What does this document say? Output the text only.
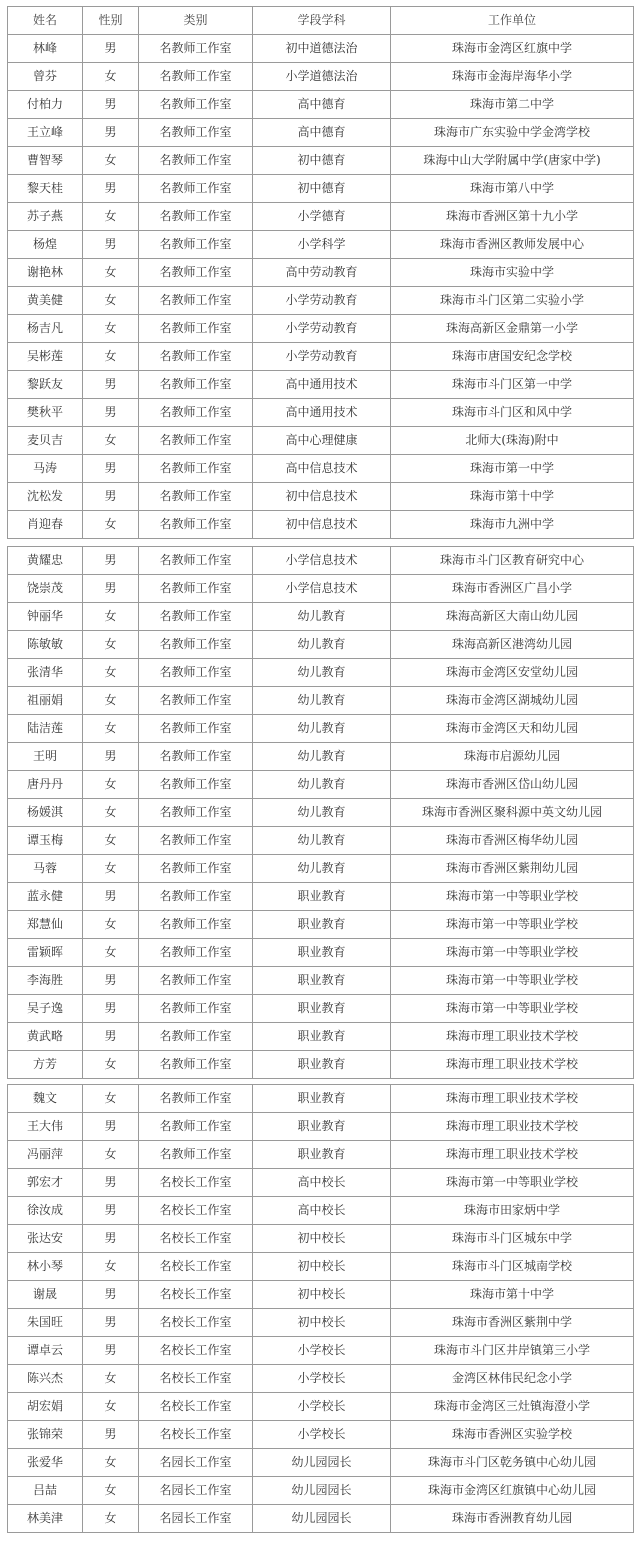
姓名	性别	类别	学段学科	工作单位
林峰	男	名教师工作室	初中道德法治	珠海市金湾区红旗中学
曾芬	女	名教师工作室	小学道德法治	珠海市金海岸海华小学
付柏力	男	名教师工作室	高中德育	珠海市第二中学
王立峰	男	名教师工作室	高中德育	珠海市广东实验中学金湾学校
曹智琴	女	名教师工作室	初中德育	珠海中山大学附属中学(唐家中学)
黎天桂	男	名教师工作室	初中德育	珠海市第八中学
苏子燕	女	名教师工作室	小学德育	珠海市香洲区第十九小学
杨煌	男	名教师工作室	小学科学	珠海市香洲区教师发展中心
谢艳林	女	名教师工作室	高中劳动教育	珠海市实验中学
黄美健	女	名教师工作室	小学劳动教育	珠海市斗门区第二实验小学
杨吉凡	女	名教师工作室	小学劳动教育	珠海高新区金鼎第一小学
吴彬莲	女	名教师工作室	小学劳动教育	珠海市唐国安纪念学校
黎跃友	男	名教师工作室	高中通用技术	珠海市斗门区第一中学
樊秋平	男	名教师工作室	高中通用技术	珠海市斗门区和风中学
麦贝吉	女	名教师工作室	高中心理健康	北师大(珠海)附中
马涛	男	名教师工作室	高中信息技术	珠海市第一中学
沈松发	男	名教师工作室	初中信息技术	珠海市第十中学
肖迎春	女	名教师工作室	初中信息技术	珠海市九洲中学
黄耀忠	男	名教师工作室	小学信息技术	珠海市斗门区教育研究中心
饶崇茂	男	名教师工作室	小学信息技术	珠海市香洲区广昌小学
钟丽华	女	名教师工作室	幼儿教育	珠海高新区大南山幼儿园
陈敏敏	女	名教师工作室	幼儿教育	珠海高新区港湾幼儿园
张清华	女	名教师工作室	幼儿教育	珠海市金湾区安堂幼儿园
祖丽娟	女	名教师工作室	幼儿教育	珠海市金湾区湖城幼儿园
陆洁莲	女	名教师工作室	幼儿教育	珠海市金湾区天和幼儿园
王明	男	名教师工作室	幼儿教育	珠海市启源幼儿园
唐丹丹	女	名教师工作室	幼儿教育	珠海市香洲区岱山幼儿园
杨媛淇	女	名教师工作室	幼儿教育	珠海市香洲区聚科源中英文幼儿园
谭玉梅	女	名教师工作室	幼儿教育	珠海市香洲区梅华幼儿园
马蓉	女	名教师工作室	幼儿教育	珠海市香洲区紫荆幼儿园
蓝永健	男	名教师工作室	职业教育	珠海市第一中等职业学校
郑慧仙	女	名教师工作室	职业教育	珠海市第一中等职业学校
雷颖晖	女	名教师工作室	职业教育	珠海市第一中等职业学校
李海胜	男	名教师工作室	职业教育	珠海市第一中等职业学校
吴子逸	男	名教师工作室	职业教育	珠海市第一中等职业学校
黄武略	男	名教师工作室	职业教育	珠海市理工职业技术学校
方芳	女	名教师工作室	职业教育	珠海市理工职业技术学校
魏文	女	名教师工作室	职业教育	珠海市理工职业技术学校
王大伟	男	名教师工作室	职业教育	珠海市理工职业技术学校
冯丽萍	女	名教师工作室	职业教育	珠海市理工职业技术学校
郭宏才	男	名校长工作室	高中校长	珠海市第一中等职业学校
徐汝成	男	名校长工作室	高中校长	珠海市田家炳中学
张达安	男	名校长工作室	初中校长	珠海市斗门区城东中学
林小琴	女	名校长工作室	初中校长	珠海市斗门区城南学校
谢晟	男	名校长工作室	初中校长	珠海市第十中学
朱国旺	男	名校长工作室	初中校长	珠海市香洲区紫荆中学
谭卓云	男	名校长工作室	小学校长	珠海市斗门区井岸镇第三小学
陈兴杰	女	名校长工作室	小学校长	金湾区林伟民纪念小学
胡宏娟	女	名校长工作室	小学校长	珠海市金湾区三灶镇海澄小学
张锦荣	男	名校长工作室	小学校长	珠海市香洲区实验学校
张爱华	女	名园长工作室	幼儿园园长	珠海市斗门区乾务镇中心幼儿园
吕喆	女	名园长工作室	幼儿园园长	珠海市金湾区红旗镇中心幼儿园
林美津	女	名园长工作室	幼儿园园长	珠海市香洲教育幼儿园
